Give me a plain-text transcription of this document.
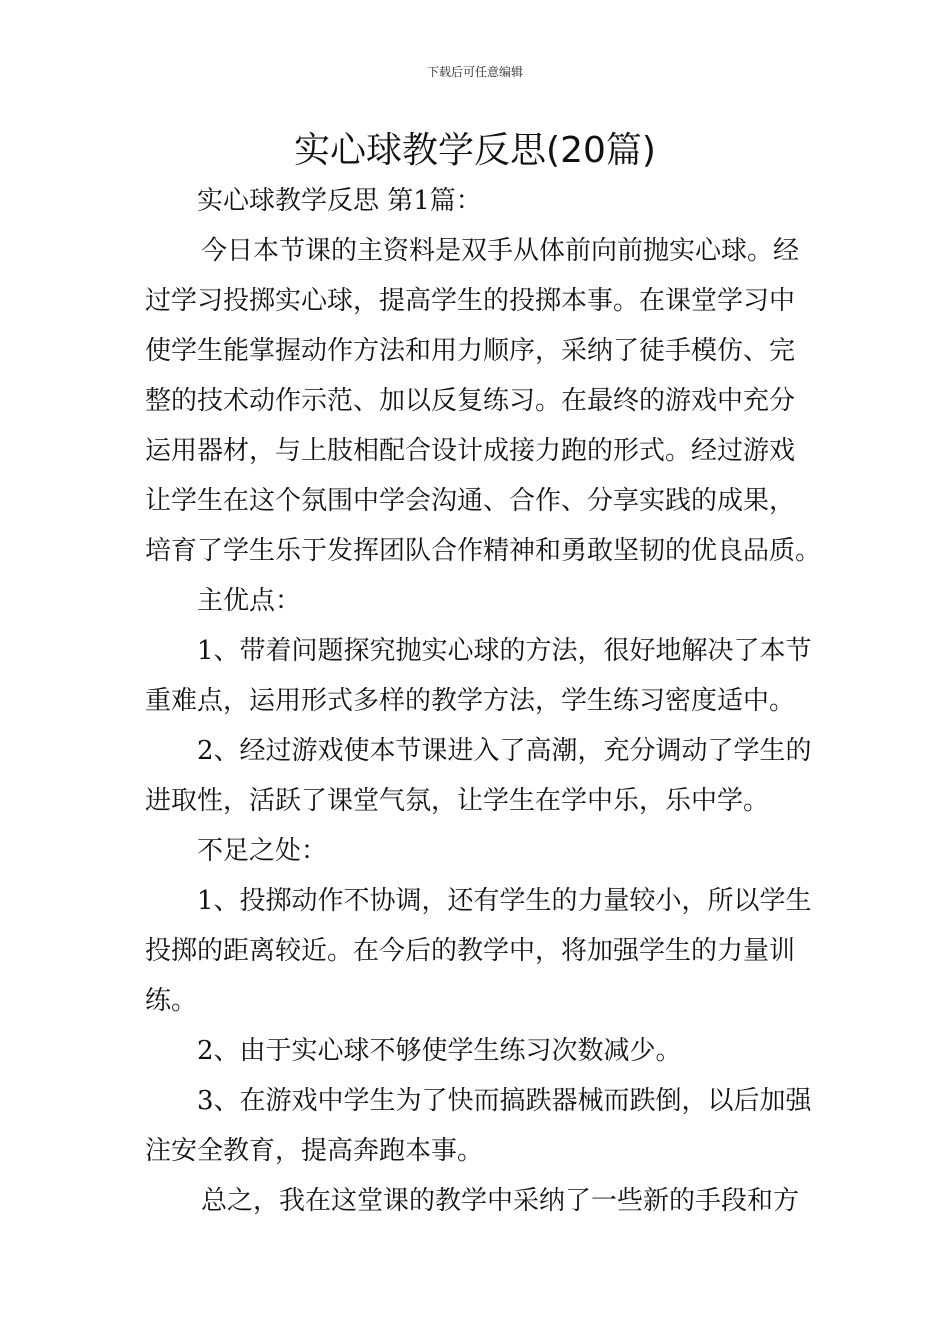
下载后可任意编辑
实心球教学反思(20篇)
实心球教学反思 第1篇：
今日本节课的主资料是双手从体前向前抛实心球。经
过学习投掷实心球，提高学生的投掷本事。在课堂学习中
使学生能掌握动作方法和用力顺序，采纳了徒手模仿、完
整的技术动作示范、加以反复练习。在最终的游戏中充分
运用器材，与上肢相配合设计成接力跑的形式。经过游戏
让学生在这个氛围中学会沟通、合作、分享实践的成果，
培育了学生乐于发挥团队合作精神和勇敢坚韧的优良品质。
主优点：
1、带着问题探究抛实心球的方法，很好地解决了本节
重难点，运用形式多样的教学方法，学生练习密度适中。
2、经过游戏使本节课进入了高潮，充分调动了学生的
进取性，活跃了课堂气氛，让学生在学中乐，乐中学。
不足之处：
1、投掷动作不协调，还有学生的力量较小，所以学生
投掷的距离较近。在今后的教学中，将加强学生的力量训
练。
2、由于实心球不够使学生练习次数减少。
3、在游戏中学生为了快而搞跌器械而跌倒，以后加强
注安全教育，提高奔跑本事。
总之，我在这堂课的教学中采纳了一些新的手段和方
